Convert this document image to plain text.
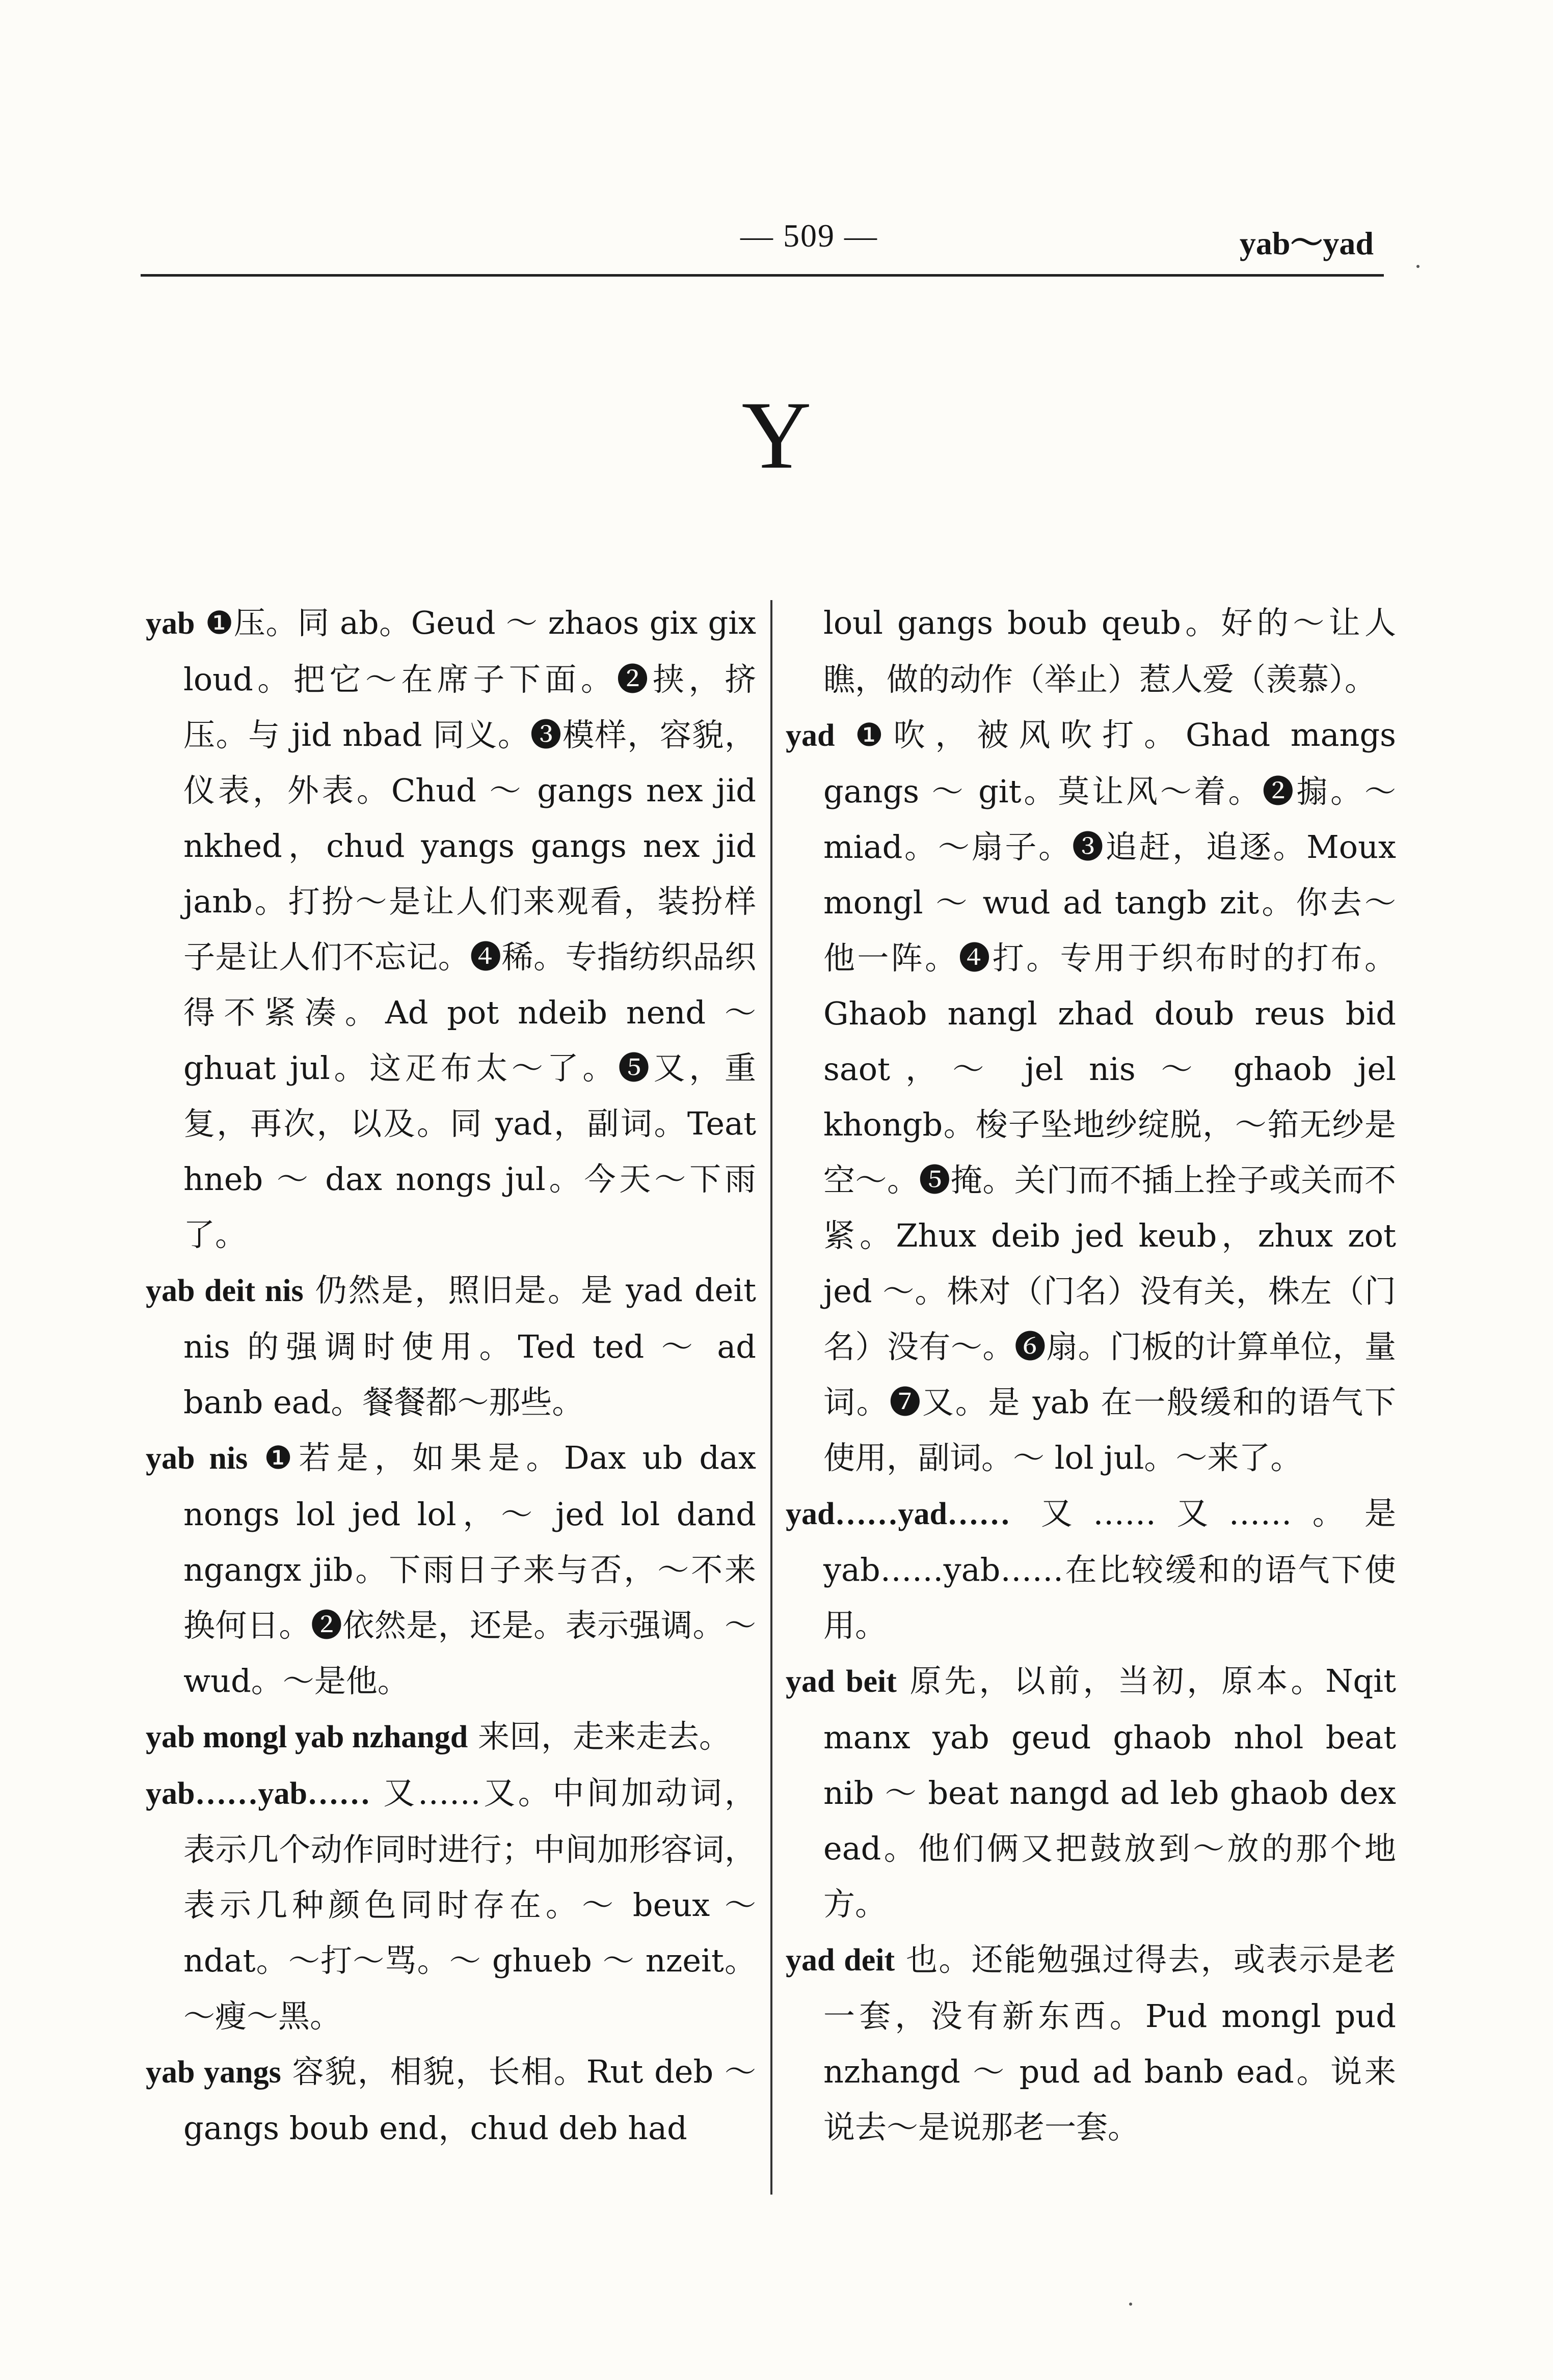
— 509 —	yab～yad
Y

yab ❶压。同 ab。Geud ～ zhaos gix gix loud。把它～在席子下面。❷挟，挤压。与 jid nbad 同义。❸模样，容貌，仪表，外表。Chud ～ gangs nex jid nkhed，chud yangs gangs nex jid janb。打扮～是让人们来观看，装扮样子是让人们不忘记。❹稀。专指纺织品织得不紧凑。Ad pot ndeib nend ～ ghuat jul。这疋布太～了。❺又，重复，再次，以及。同 yad，副词。Teat hneb ～ dax nongs jul。今天～下雨了。

yab deit nis 仍然是，照旧是。是 yad deit nis 的强调时使用。Ted ted ～ ad banb ead。餐餐都～那些。

yab nis ❶若是，如果是。Dax ub dax nongs lol jed lol，～ jed lol dand ngangx jib。下雨日子来与否，～不来换何日。❷依然是，还是。表示强调。～ wud。～是他。

yab mongl yab nzhangd 来回，走来走去。

yab……yab…… 又……又。中间加动词，表示几个动作同时进行；中间加形容词，表示几种颜色同时存在。～ beux ～ ndat。～打～骂。～ ghueb ～ nzeit。～瘦～黑。

yab yangs 容貌，相貌，长相。Rut deb ～ gangs boub end，chud deb had

loul gangs boub qeub。好的～让人瞧，做的动作（举止）惹人爱（羡慕）。

yad ❶吹，被风吹打。Ghad mangs gangs ～ git。莫让风～着。❷搧。～ miad。～扇子。❸追赶，追逐。Moux mongl ～ wud ad tangb zit。你去～他一阵。❹打。专用于织布时的打布。Ghaob nangl zhad doub reus bid saot，～ jel nis ～ ghaob jel khongb。梭子坠地纱绽脱，～筘无纱是空～。❺掩。关门而不插上拴子或关而不紧。Zhux deib jed keub，zhux zot jed ～。株对（门名）没有关，株左（门名）没有～。❻扇。门板的计算单位，量词。❼又。是 yab 在一般缓和的语气下使用，副词。～ lol jul。～来了。

yad……yad…… 又……又……。是 yab……yab……在比较缓和的语气下使用。

yad beit 原先，以前，当初，原本。Nqit manx yab geud ghaob nhol beat nib ～ beat nangd ad leb ghaob dex ead。他们俩又把鼓放到～放的那个地方。

yad deit 也。还能勉强过得去，或表示是老一套，没有新东西。Pud mongl pud nzhangd ～ pud ad banb ead。说来说去～是说那老一套。
